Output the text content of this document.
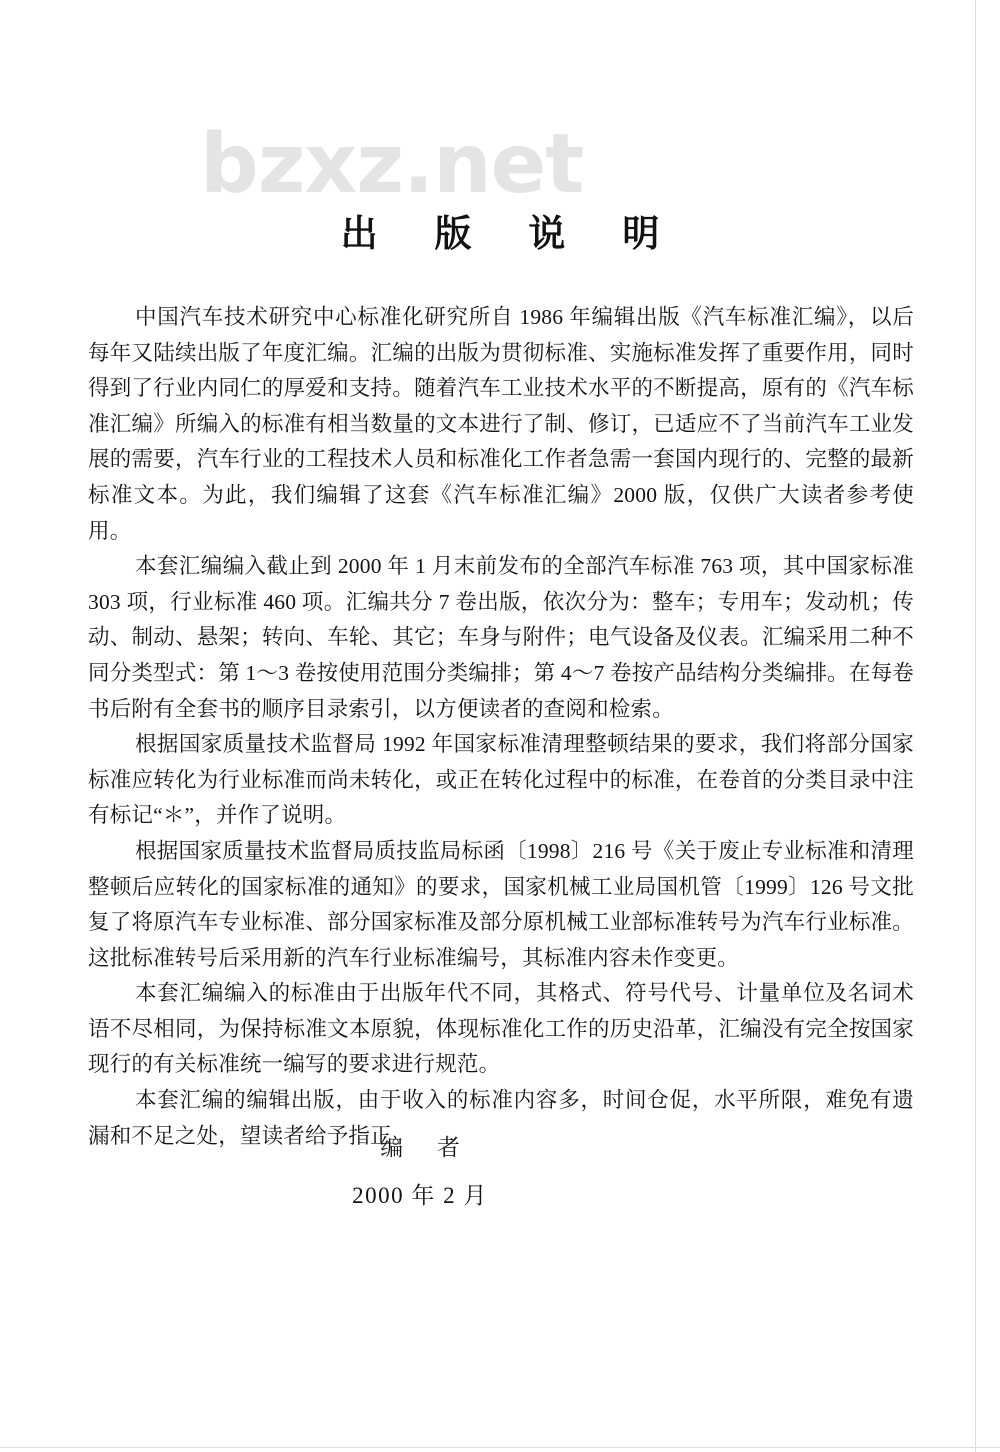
bzxz.net
出 版 说 明

中国汽车技术研究中心标准化研究所自 1986 年编辑出版《汽车标准汇编》，以后每年又陆续出版了年度汇编。汇编的出版为贯彻标准、实施标准发挥了重要作用，同时得到了行业内同仁的厚爱和支持。随着汽车工业技术水平的不断提高，原有的《汽车标准汇编》所编入的标准有相当数量的文本进行了制、修订，已适应不了当前汽车工业发展的需要，汽车行业的工程技术人员和标准化工作者急需一套国内现行的、完整的最新标准文本。为此，我们编辑了这套《汽车标准汇编》2000 版，仅供广大读者参考使用。

本套汇编编入截止到 2000 年 1 月末前发布的全部汽车标准 763 项，其中国家标准 303 项，行业标准 460 项。汇编共分 7 卷出版，依次分为：整车；专用车；发动机；传动、制动、悬架；转向、车轮、其它；车身与附件；电气设备及仪表。汇编采用二种不同分类型式：第 1～3 卷按使用范围分类编排；第 4～7 卷按产品结构分类编排。在每卷书后附有全套书的顺序目录索引，以方便读者的查阅和检索。

根据国家质量技术监督局 1992 年国家标准清理整顿结果的要求，我们将部分国家标准应转化为行业标准而尚未转化，或正在转化过程中的标准，在卷首的分类目录中注有标记“＊”，并作了说明。

根据国家质量技术监督局质技监局标函〔1998〕216 号《关于废止专业标准和清理整顿后应转化的国家标准的通知》的要求，国家机械工业局国机管〔1999〕126 号文批复了将原汽车专业标准、部分国家标准及部分原机械工业部标准转号为汽车行业标准。这批标准转号后采用新的汽车行业标准编号，其标准内容未作变更。

本套汇编编入的标准由于出版年代不同，其格式、符号代号、计量单位及名词术语不尽相同，为保持标准文本原貌，体现标准化工作的历史沿革，汇编没有完全按国家现行的有关标准统一编写的要求进行规范。

本套汇编的编辑出版，由于收入的标准内容多，时间仓促，水平所限，难免有遗漏和不足之处，望读者给予指正。

编 者
2000 年 2 月
